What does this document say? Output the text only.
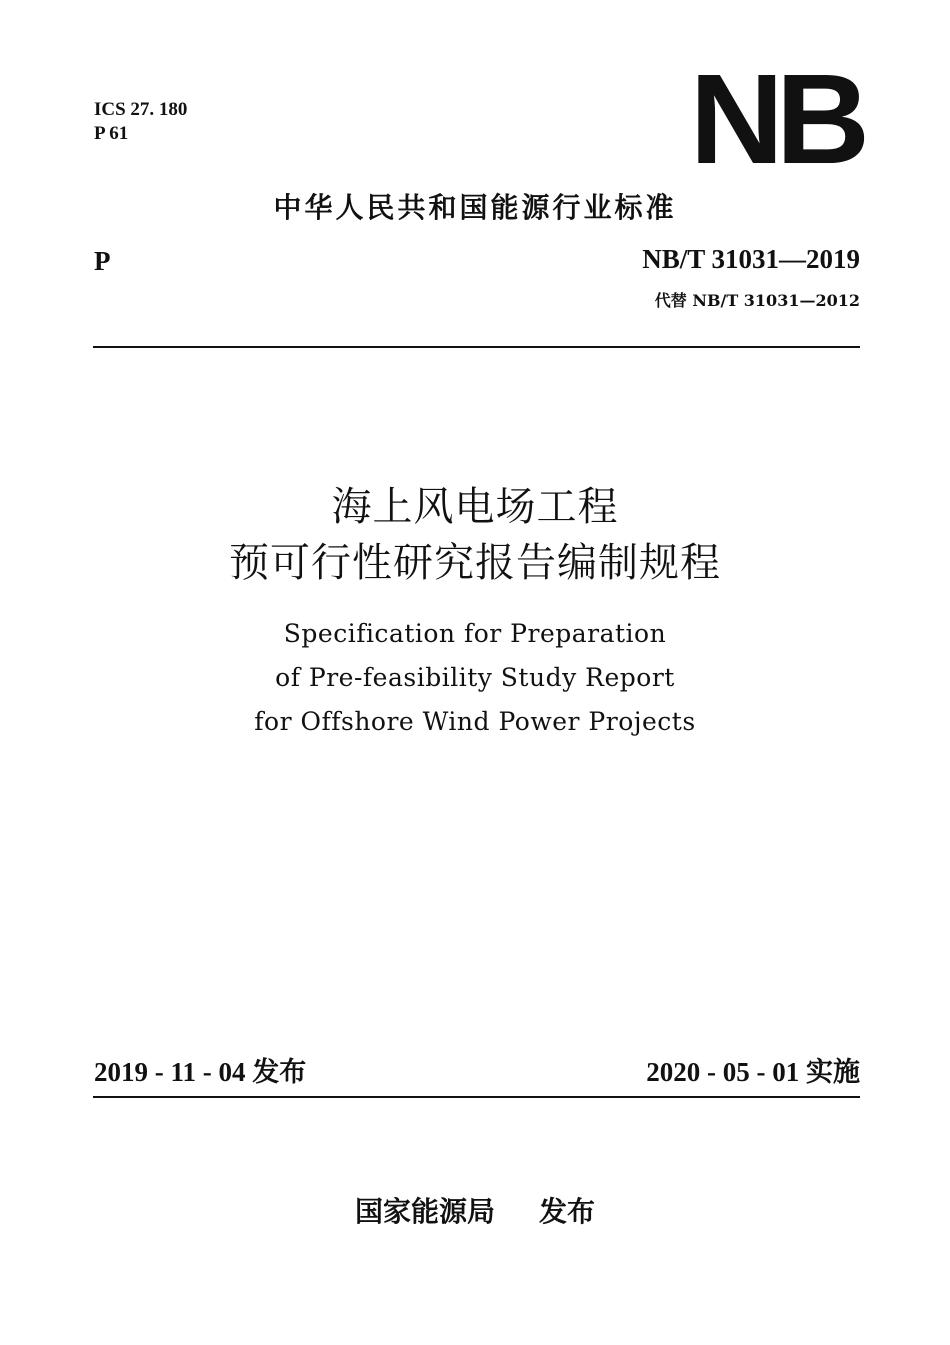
ICS 27. 180
P 61	NB
中华人民共和国能源行业标准
P	NB/T 31031—2019
代替 NB/T 31031—2012
海上风电场工程
预可行性研究报告编制规程
Specification for Preparation
of Pre-feasibility Study Report
for Offshore Wind Power Projects
2019 - 11 - 04 发布	2020 - 05 - 01 实施
国家能源局 发布
